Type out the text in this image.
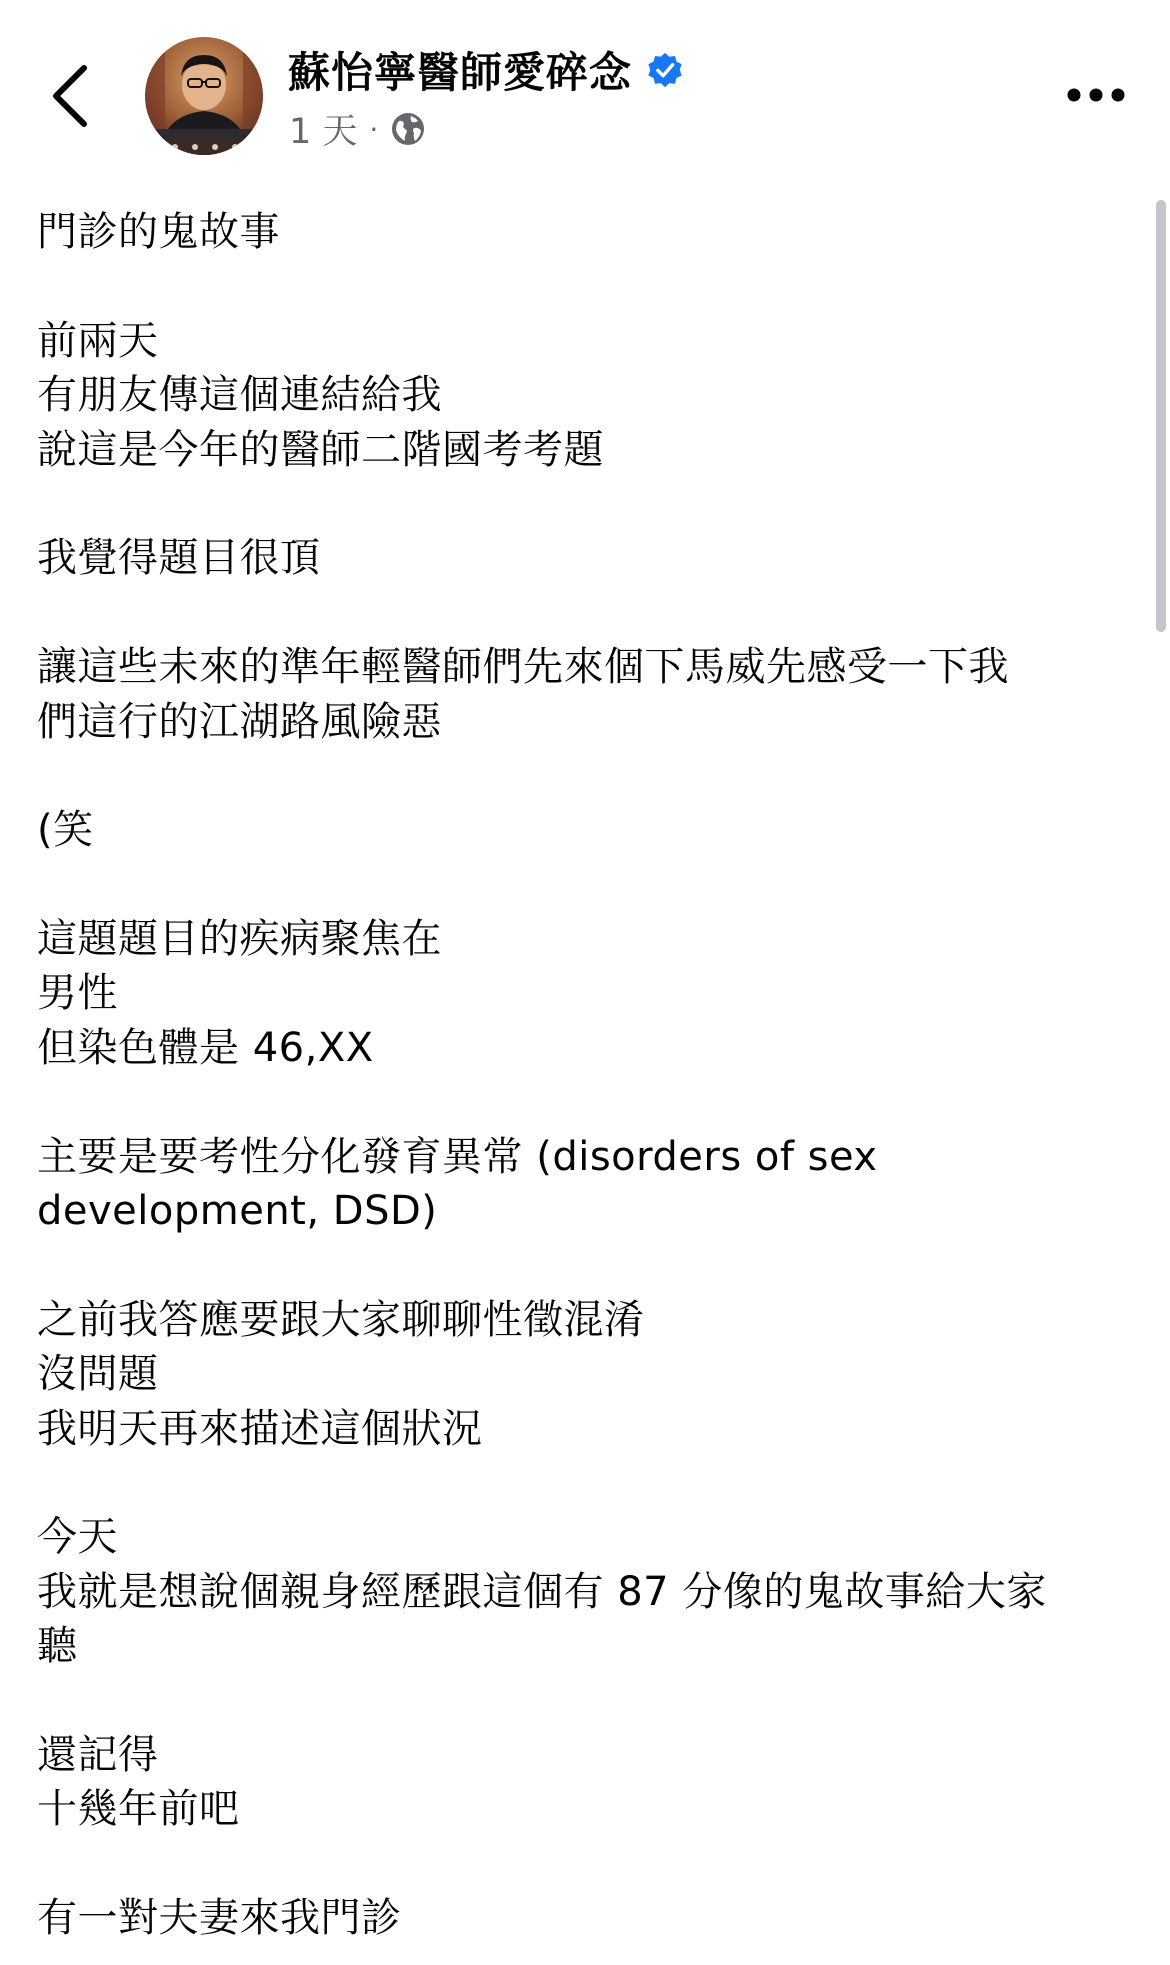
蘇怡寧醫師愛碎念
1 天 ·
門診的鬼故事
前兩天
有朋友傳這個連結給我
說這是今年的醫師二階國考考題
我覺得題目很頂
讓這些未來的準年輕醫師們先來個下馬威先感受一下我
們這行的江湖路風險惡
(笑
這題題目的疾病聚焦在
男性
但染色體是 46,XX
主要是要考性分化發育異常 (disorders of sex
development, DSD)
之前我答應要跟大家聊聊性徵混淆
沒問題
我明天再來描述這個狀況
今天
我就是想說個親身經歷跟這個有 87 分像的鬼故事給大家
聽
還記得
十幾年前吧
有一對夫妻來我門診
